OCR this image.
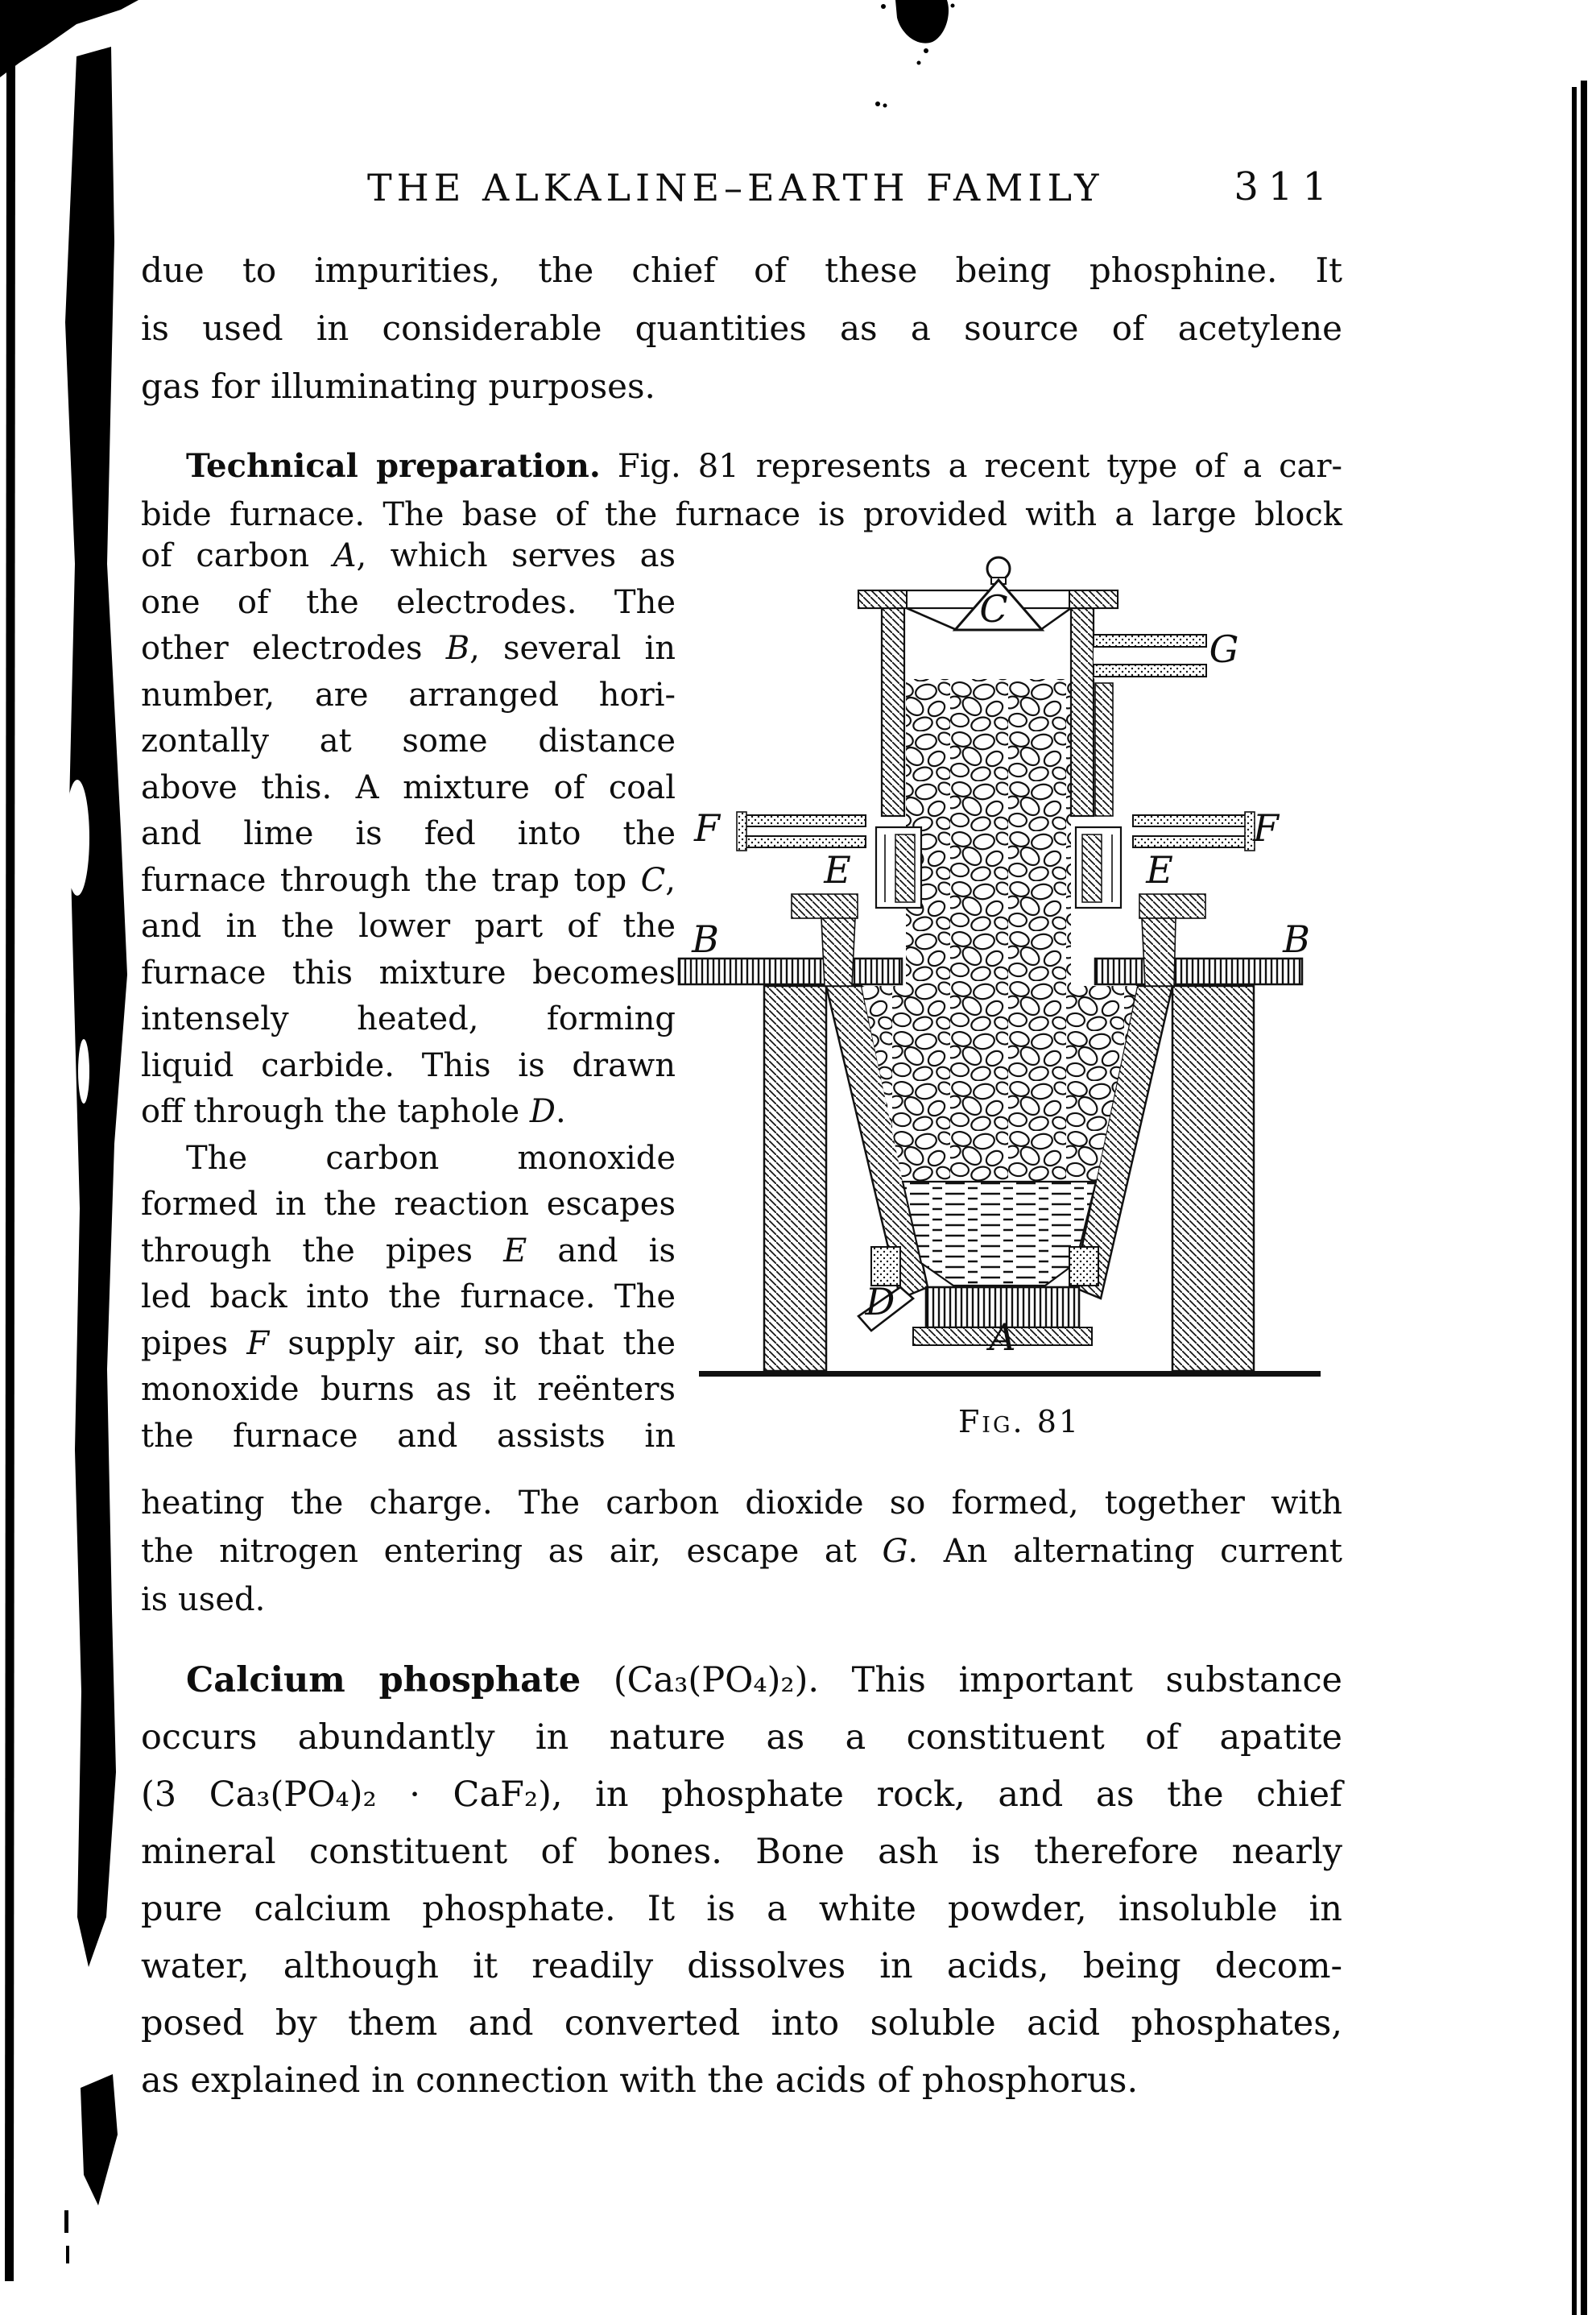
THE ALKALINE–EARTH FAMILY	311
due to impurities, the chief of these being phosphine. It
is used in considerable quantities as a source of acetylene
gas for illuminating purposes.
Technical preparation. Fig. 81 represents a recent type of a car-
bide furnace. The base of the furnace is provided with a large block
of carbon A, which serves as
one of the electrodes. The
other electrodes B, several in
number, are arranged hori-
zontally at some distance
above this. A mixture of coal
and lime is fed into the
furnace through the trap top C,
and in the lower part of the
furnace this mixture becomes
intensely heated, forming
liquid carbide. This is drawn
off through the taphole D.
The carbon monoxide
formed in the reaction escapes
through the pipes E and is
led back into the furnace. The
pipes F supply air, so that the
monoxide burns as it reënters
the furnace and assists in
heating the charge. The carbon dioxide so formed, together with
the nitrogen entering as air, escape at G. An alternating current
is used.
Calcium phosphate (Ca₃(PO₄)₂). This important substance
occurs abundantly in nature as a constituent of apatite
(3 Ca₃(PO₄)₂ · CaF₂), in phosphate rock, and as the chief
mineral constituent of bones. Bone ash is therefore nearly
pure calcium phosphate. It is a white powder, insoluble in
water, although it readily dissolves in acids, being decom-
posed by them and converted into soluble acid phosphates,
as explained in connection with the acids of phosphorus.
C
G
F	F
E	E
B	B
D
A
Fig. 81
